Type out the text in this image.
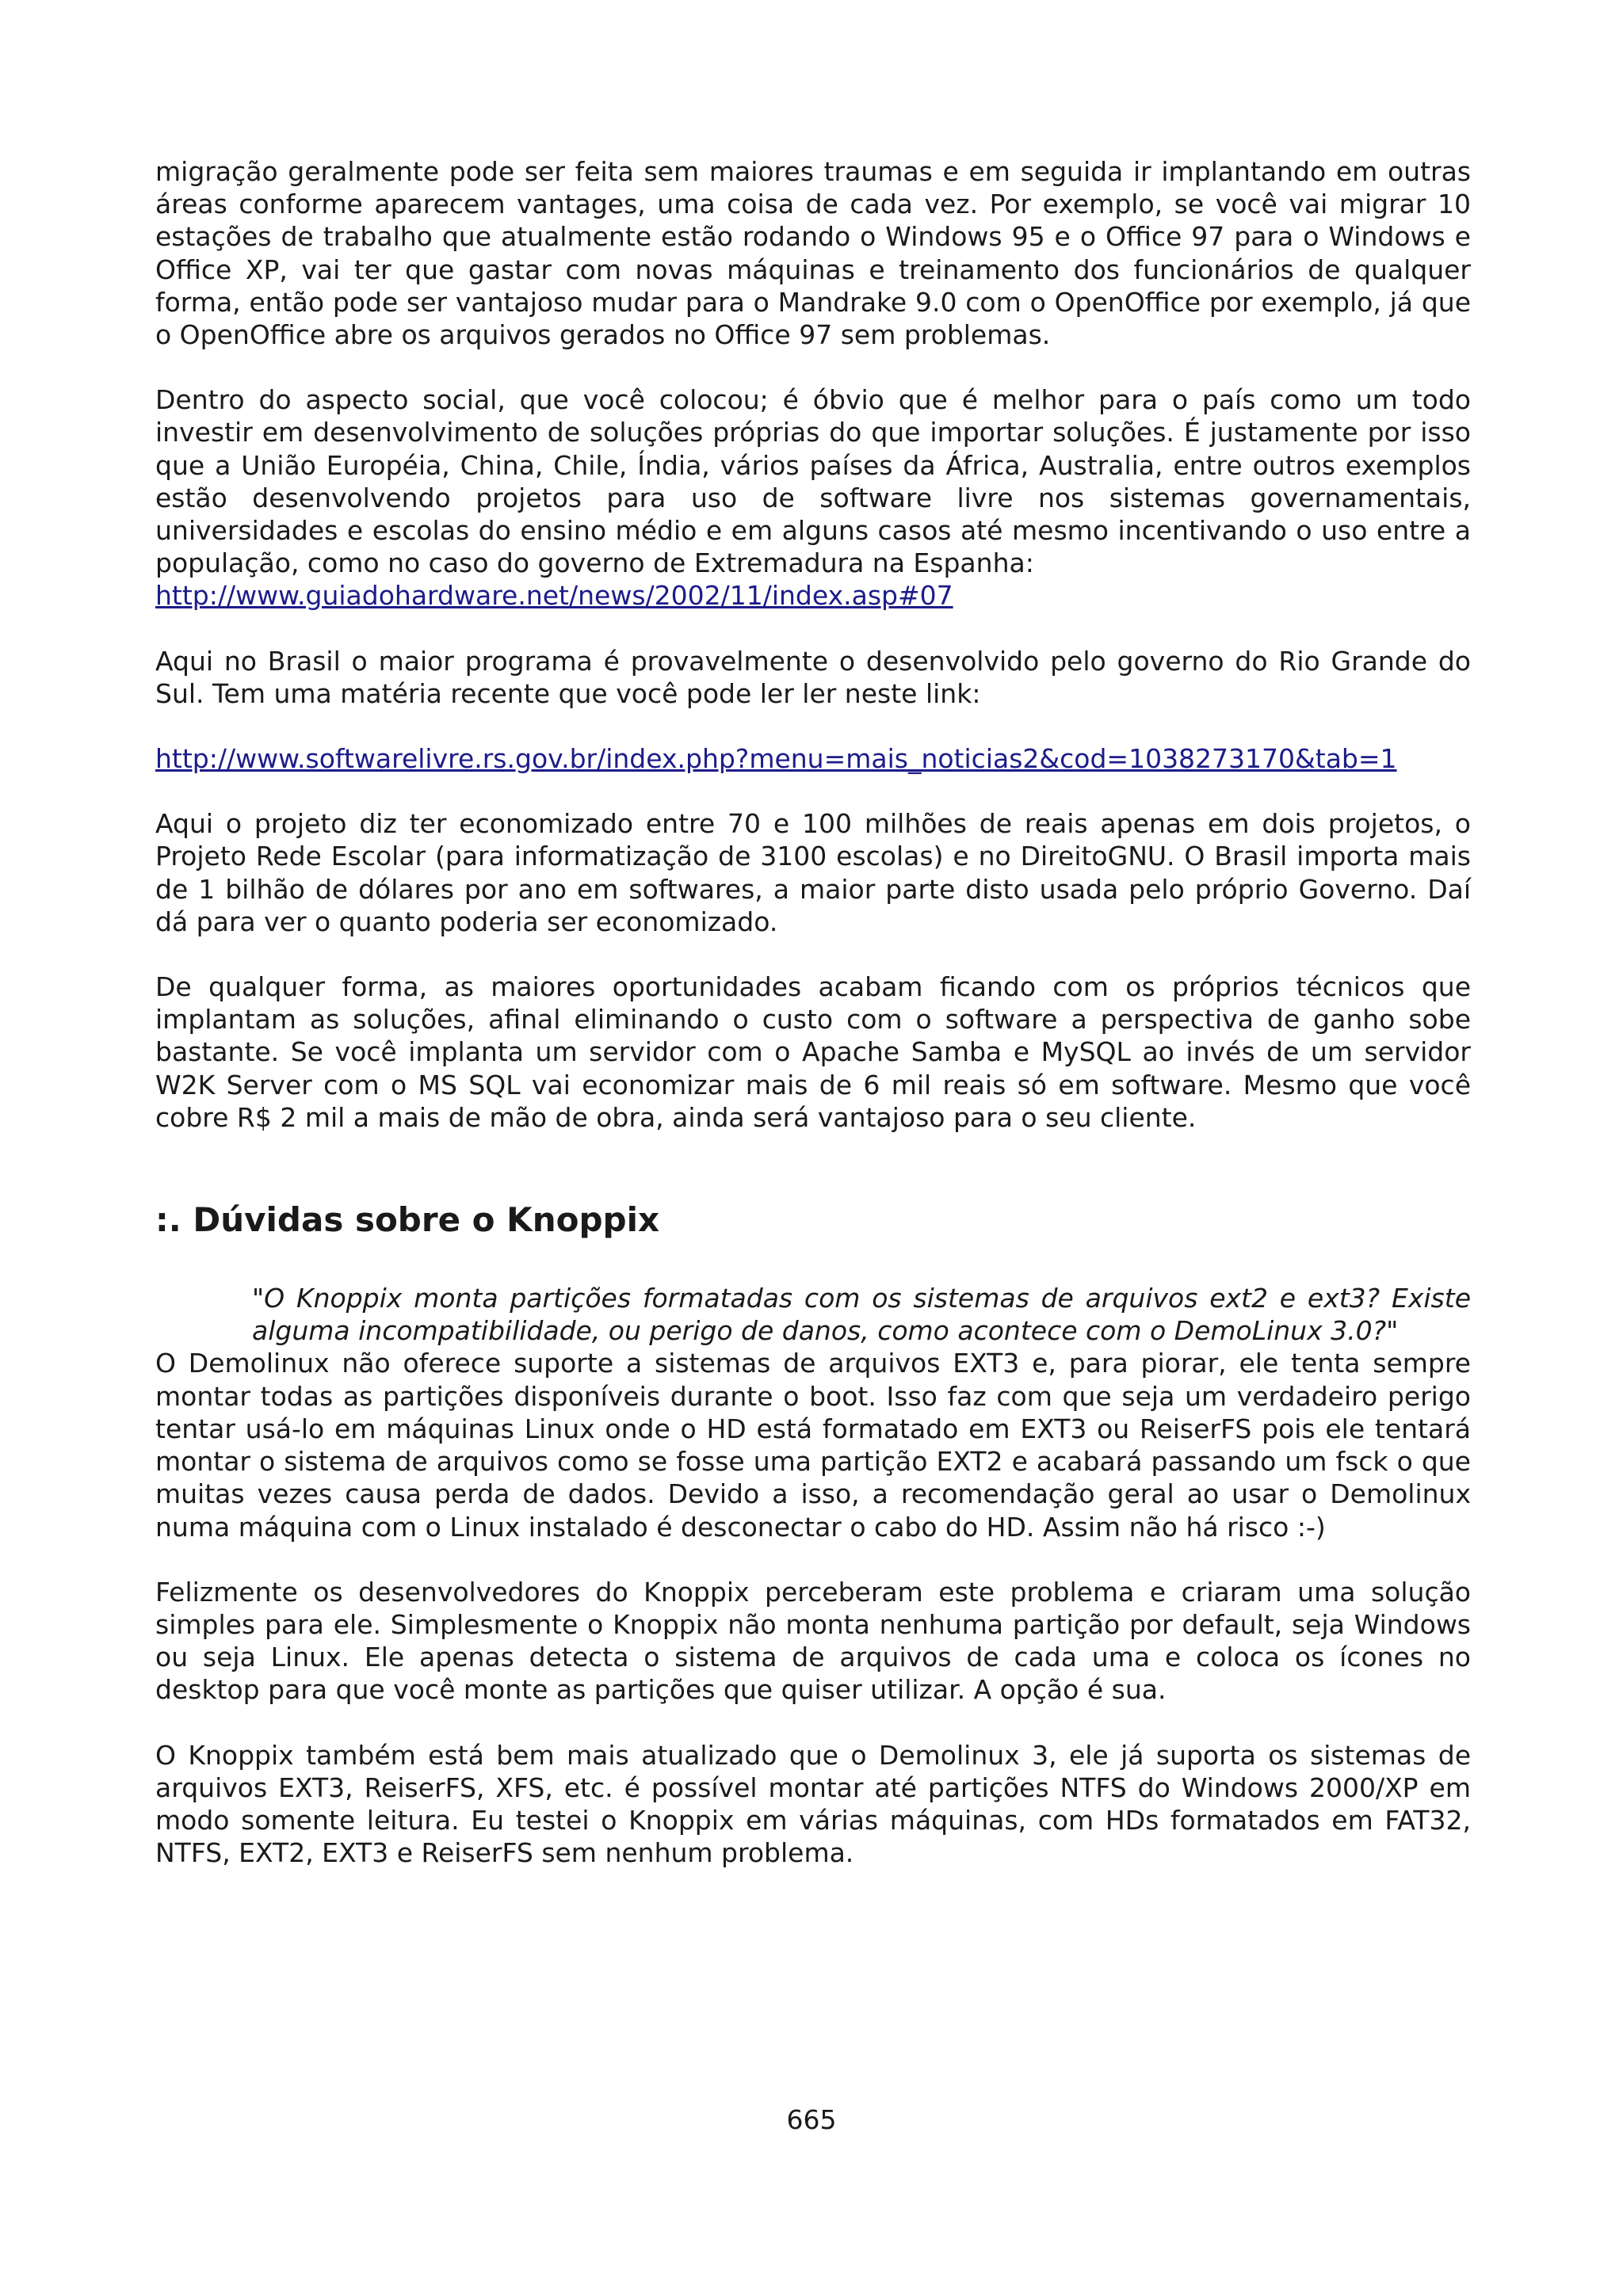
migração geralmente pode ser feita sem maiores traumas e em seguida ir implantando em outras áreas conforme aparecem vantages, uma coisa de cada vez. Por exemplo, se você vai migrar 10 estações de trabalho que atualmente estão rodando o Windows 95 e o Office 97 para o Windows e Office XP, vai ter que gastar com novas máquinas e treinamento dos funcionários de qualquer forma, então pode ser vantajoso mudar para o Mandrake 9.0 com o OpenOffice por exemplo, já que o OpenOffice abre os arquivos gerados no Office 97 sem problemas.

Dentro do aspecto social, que você colocou; é óbvio que é melhor para o país como um todo investir em desenvolvimento de soluções próprias do que importar soluções. É justamente por isso que a União Européia, China, Chile, Índia, vários países da África, Australia, entre outros exemplos estão desenvolvendo projetos para uso de software livre nos sistemas governamentais, universidades e escolas do ensino médio e em alguns casos até mesmo incentivando o uso entre a população, como no caso do governo de Extremadura na Espanha:
http://www.guiadohardware.net/news/2002/11/index.asp#07

Aqui no Brasil o maior programa é provavelmente o desenvolvido pelo governo do Rio Grande do Sul. Tem uma matéria recente que você pode ler ler neste link:

http://www.softwarelivre.rs.gov.br/index.php?menu=mais_noticias2&cod=1038273170&tab=1

Aqui o projeto diz ter economizado entre 70 e 100 milhões de reais apenas em dois projetos, o Projeto Rede Escolar (para informatização de 3100 escolas) e no DireitoGNU. O Brasil importa mais de 1 bilhão de dólares por ano em softwares, a maior parte disto usada pelo próprio Governo. Daí dá para ver o quanto poderia ser economizado.

De qualquer forma, as maiores oportunidades acabam ficando com os próprios técnicos que implantam as soluções, afinal eliminando o custo com o software a perspectiva de ganho sobe bastante. Se você implanta um servidor com o Apache Samba e MySQL ao invés de um servidor W2K Server com o MS SQL vai economizar mais de 6 mil reais só em software. Mesmo que você cobre R$ 2 mil a mais de mão de obra, ainda será vantajoso para o seu cliente.

:. Dúvidas sobre o Knoppix
"O Knoppix monta partições formatadas com os sistemas de arquivos ext2 e ext3? Existe alguma incompatibilidade, ou perigo de danos, como acontece com o DemoLinux 3.0?"

O Demolinux não oferece suporte a sistemas de arquivos EXT3 e, para piorar, ele tenta sempre montar todas as partições disponíveis durante o boot. Isso faz com que seja um verdadeiro perigo tentar usá-lo em máquinas Linux onde o HD está formatado em EXT3 ou ReiserFS pois ele tentará montar o sistema de arquivos como se fosse uma partição EXT2 e acabará passando um fsck o que muitas vezes causa perda de dados. Devido a isso, a recomendação geral ao usar o Demolinux numa máquina com o Linux instalado é desconectar o cabo do HD. Assim não há risco :-)

Felizmente os desenvolvedores do Knoppix perceberam este problema e criaram uma solução simples para ele. Simplesmente o Knoppix não monta nenhuma partição por default, seja Windows ou seja Linux. Ele apenas detecta o sistema de arquivos de cada uma e coloca os ícones no desktop para que você monte as partições que quiser utilizar. A opção é sua.

O Knoppix também está bem mais atualizado que o Demolinux 3, ele já suporta os sistemas de arquivos EXT3, ReiserFS, XFS, etc. é possível montar até partições NTFS do Windows 2000/XP em modo somente leitura. Eu testei o Knoppix em várias máquinas, com HDs formatados em FAT32, NTFS, EXT2, EXT3 e ReiserFS sem nenhum problema.

665
